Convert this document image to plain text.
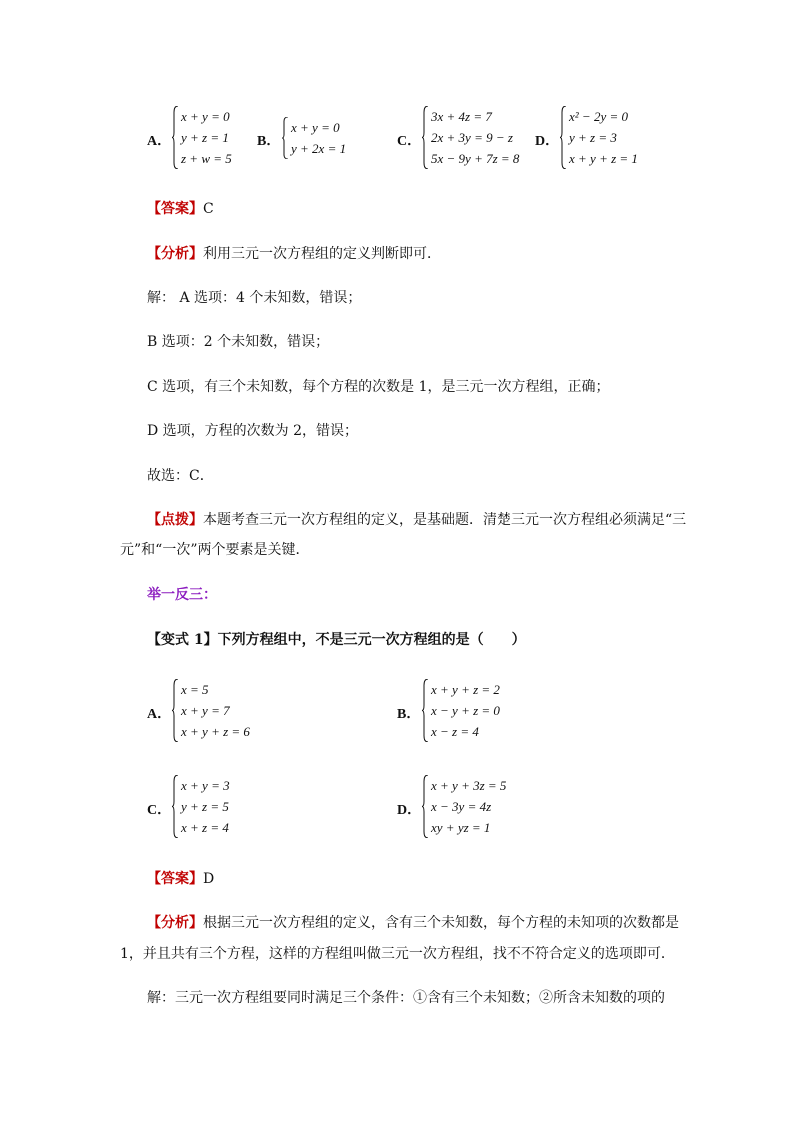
A．
x + y = 0
y + z = 1
z + w = 5
B．
x + y = 0
y + 2x = 1	C．
3x + 4z = 7
2x + 3y = 9 − z
5x − 9y + 7z = 8
D．
x² − 2y = 0
y + z = 3
x + y + z = 1
【答案】C
【分析】利用三元一次方程组的定义判断即可．
解： A 选项：4 个未知数，错误；
B 选项：2 个未知数，错误；
C 选项，有三个未知数，每个方程的次数是 1，是三元一次方程组，正确；
D 选项，方程的次数为 2，错误；
故选：C．
【点拨】本题考查三元一次方程组的定义，是基础题．清楚三元一次方程组必须满足“三
元”和“一次”两个要素是关键．
举一反三：
【变式 1】下列方程组中，不是三元一次方程组的是（　　）
A．
x = 5
x + y = 7
x + y + z = 6
B．
x + y + z = 2
x − y + z = 0
x − z = 4
C．
x + y = 3
y + z = 5
x + z = 4
D．
x + y + 3z = 5
x − 3y = 4z
xy + yz = 1
【答案】D
【分析】根据三元一次方程组的定义，含有三个未知数，每个方程的未知项的次数都是
1，并且共有三个方程，这样的方程组叫做三元一次方程组，找不不符合定义的选项即可．
解：三元一次方程组要同时满足三个条件：①含有三个未知数；②所含未知数的项的
